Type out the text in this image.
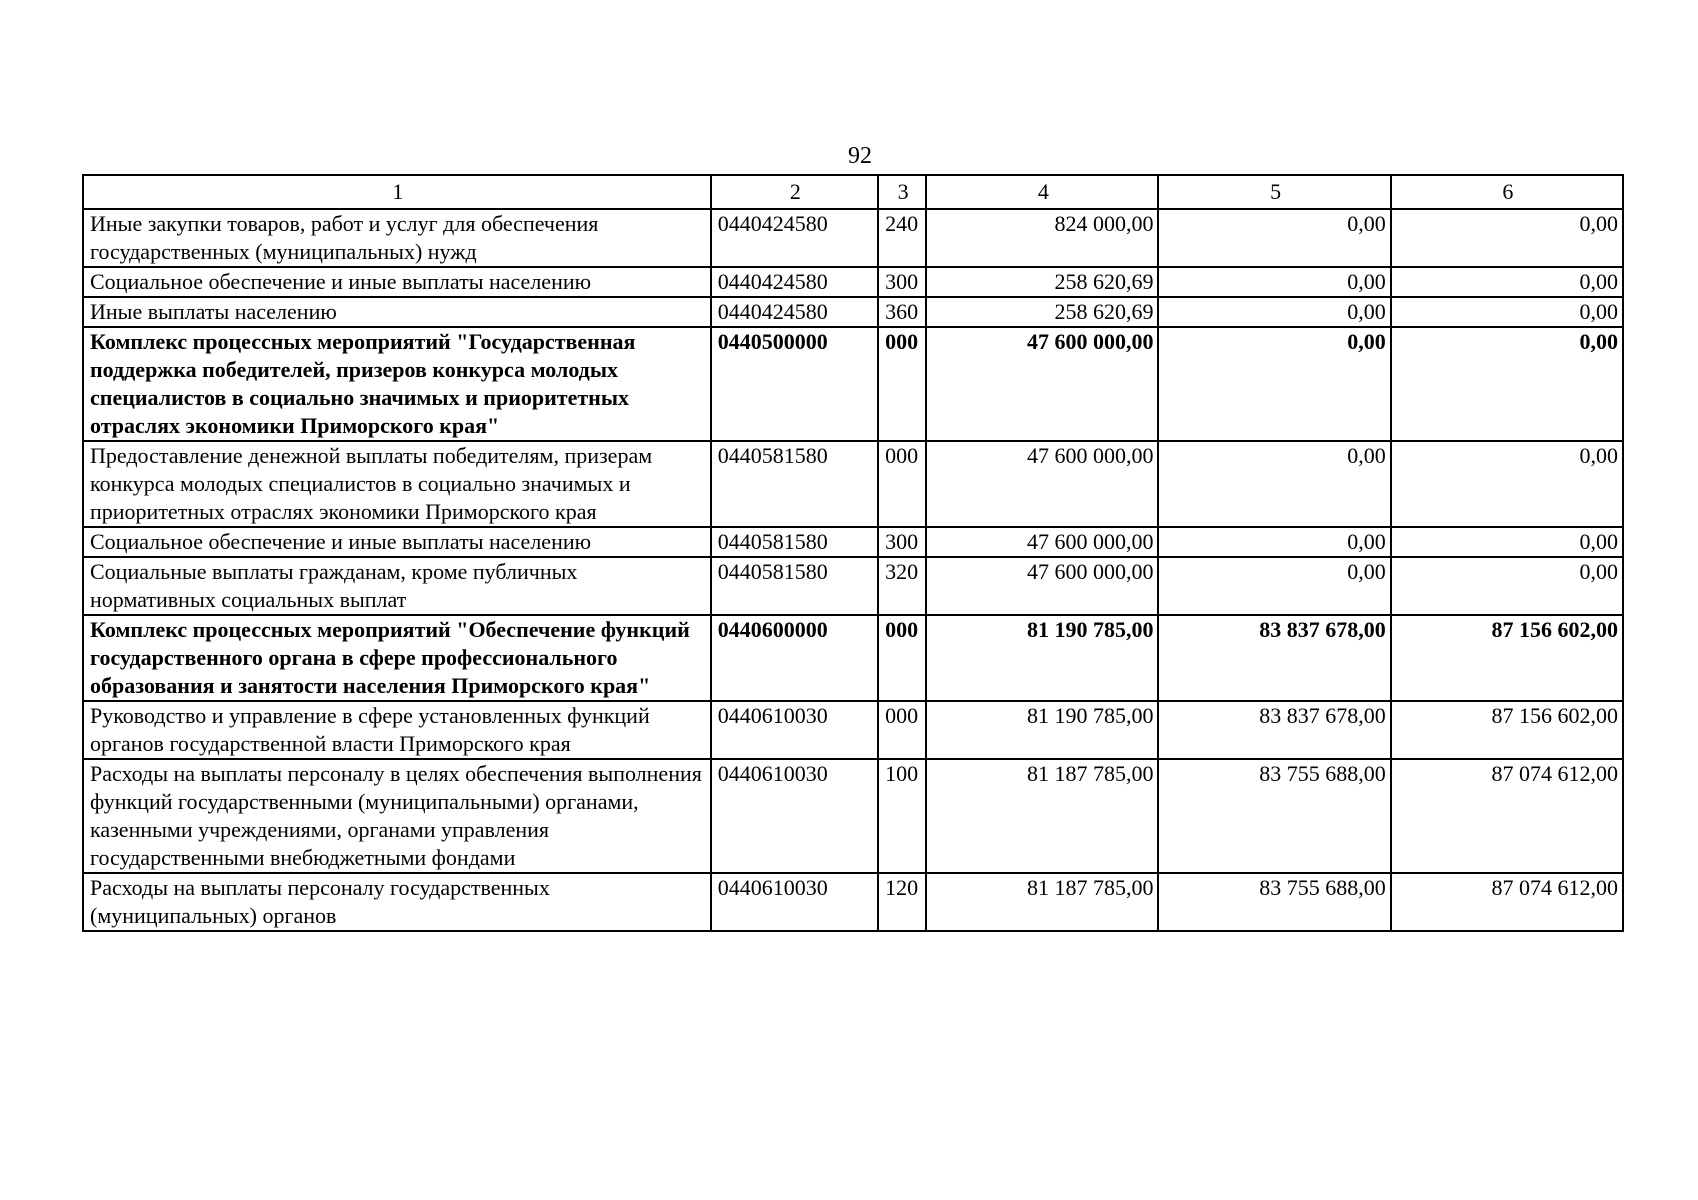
92
1	2	3	4	5	6
Иные закупки товаров, работ и услуг для обеспечения государственных (муниципальных) нужд	0440424580	240	824 000,00	0,00	0,00
Социальное обеспечение и иные выплаты населению	0440424580	300	258 620,69	0,00	0,00
Иные выплаты населению	0440424580	360	258 620,69	0,00	0,00
Комплекс процессных мероприятий "Государственная поддержка победителей, призеров конкурса молодых специалистов в социально значимых и приоритетных отраслях экономики Приморского края"	0440500000	000	47 600 000,00	0,00	0,00
Предоставление денежной выплаты победителям, призерам конкурса молодых специалистов в социально значимых и приоритетных отраслях экономики Приморского края	0440581580	000	47 600 000,00	0,00	0,00
Социальное обеспечение и иные выплаты населению	0440581580	300	47 600 000,00	0,00	0,00
Социальные выплаты гражданам, кроме публичных нормативных социальных выплат	0440581580	320	47 600 000,00	0,00	0,00
Комплекс процессных мероприятий "Обеспечение функций государственного органа в сфере профессионального образования и занятости населения Приморского края"	0440600000	000	81 190 785,00	83 837 678,00	87 156 602,00
Руководство и управление в сфере установленных функций органов государственной власти Приморского края	0440610030	000	81 190 785,00	83 837 678,00	87 156 602,00
Расходы на выплаты персоналу в целях обеспечения выполнения функций государственными (муниципальными) органами, казенными учреждениями, органами управления государственными внебюджетными фондами	0440610030	100	81 187 785,00	83 755 688,00	87 074 612,00
Расходы на выплаты персоналу государственных (муниципальных) органов	0440610030	120	81 187 785,00	83 755 688,00	87 074 612,00
